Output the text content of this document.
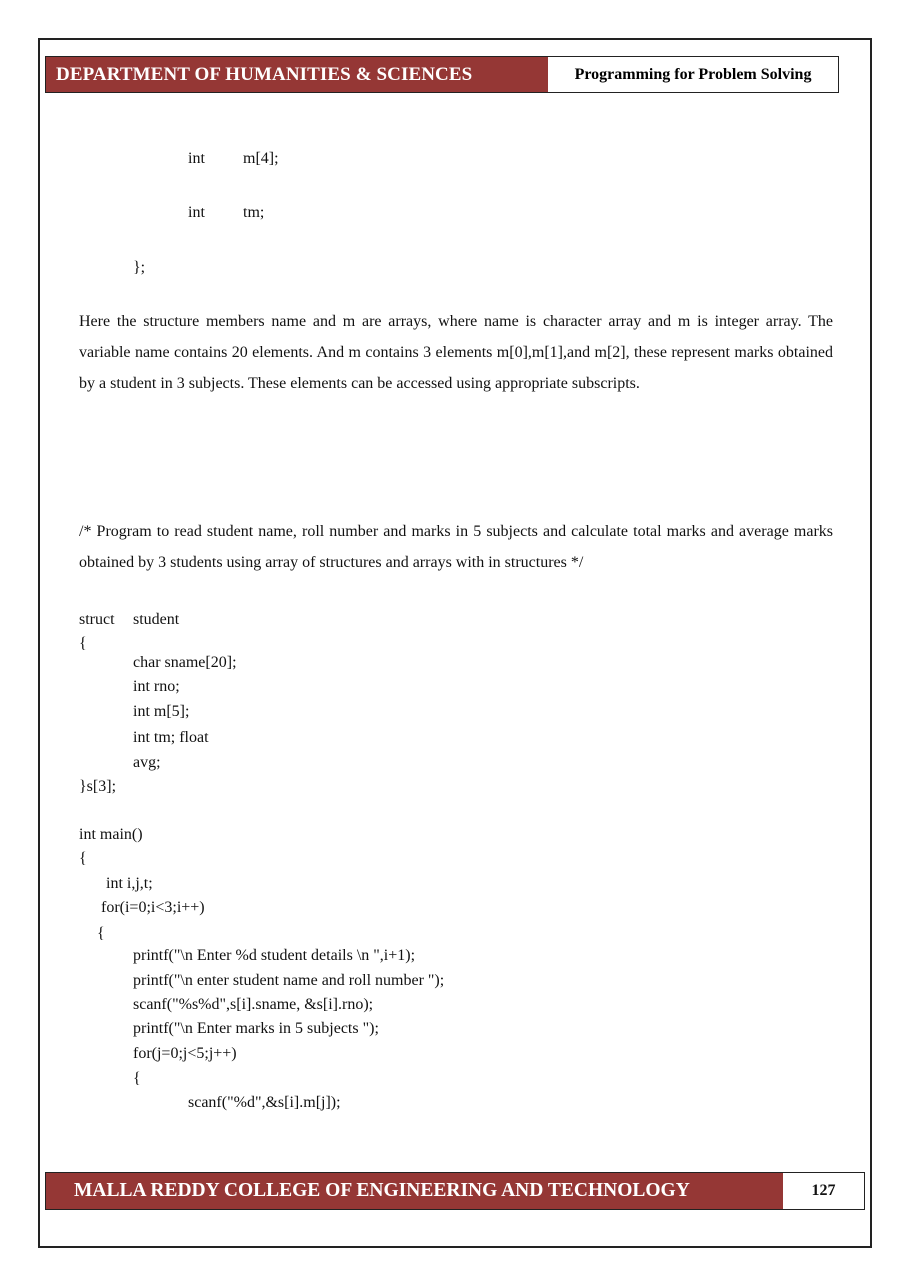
DEPARTMENT OF HUMANITIES & SCIENCES	Programming for Problem Solving
int m[4];
int tm;
};
Here the structure members name and m are arrays, where name is character array and m is integer array. The variable name contains 20 elements. And m contains 3 elements m[0],m[1],and m[2], these represent marks obtained by a student in 3 subjects. These elements can be accessed using appropriate subscripts.
/* Program to read student name, roll number and marks in 5 subjects and calculate total marks and average marks obtained by 3 students using array of structures and arrays with in structures */
struct student
{
char sname[20];
int rno;
int m[5];
int tm; float
avg;
}s[3];
int main()
{
int i,j,t;
for(i=0;i<3;i++)
{
printf("\n Enter %d student details \n ",i+1);
printf("\n enter student name and roll number ");
scanf("%s%d",s[i].sname, &s[i].rno);
printf("\n Enter marks in 5 subjects ");
for(j=0;j<5;j++)
{
scanf("%d",&s[i].m[j]);
MALLA REDDY COLLEGE OF ENGINEERING AND TECHNOLOGY	127
